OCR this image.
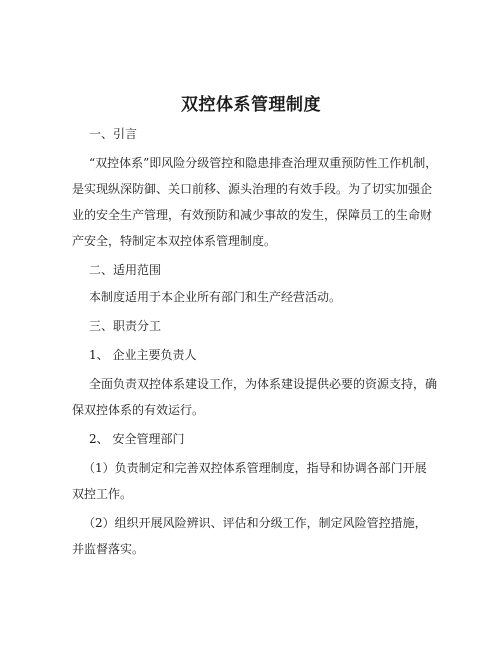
双控体系管理制度
一、引言
“双控体系”即风险分级管控和隐患排查治理双重预防性工作机制，
是实现纵深防御、关口前移、源头治理的有效手段。为了切实加强企
业的安全生产管理，有效预防和减少事故的发生，保障员工的生命财
产安全，特制定本双控体系管理制度。
二、适用范围
本制度适用于本企业所有部门和生产经营活动。
三、职责分工
1、 企业主要负责人
全面负责双控体系建设工作，为体系建设提供必要的资源支持，确
保双控体系的有效运行。
2、 安全管理部门
（1）负责制定和完善双控体系管理制度，指导和协调各部门开展
双控工作。
（2）组织开展风险辨识、评估和分级工作，制定风险管控措施，
并监督落实。
